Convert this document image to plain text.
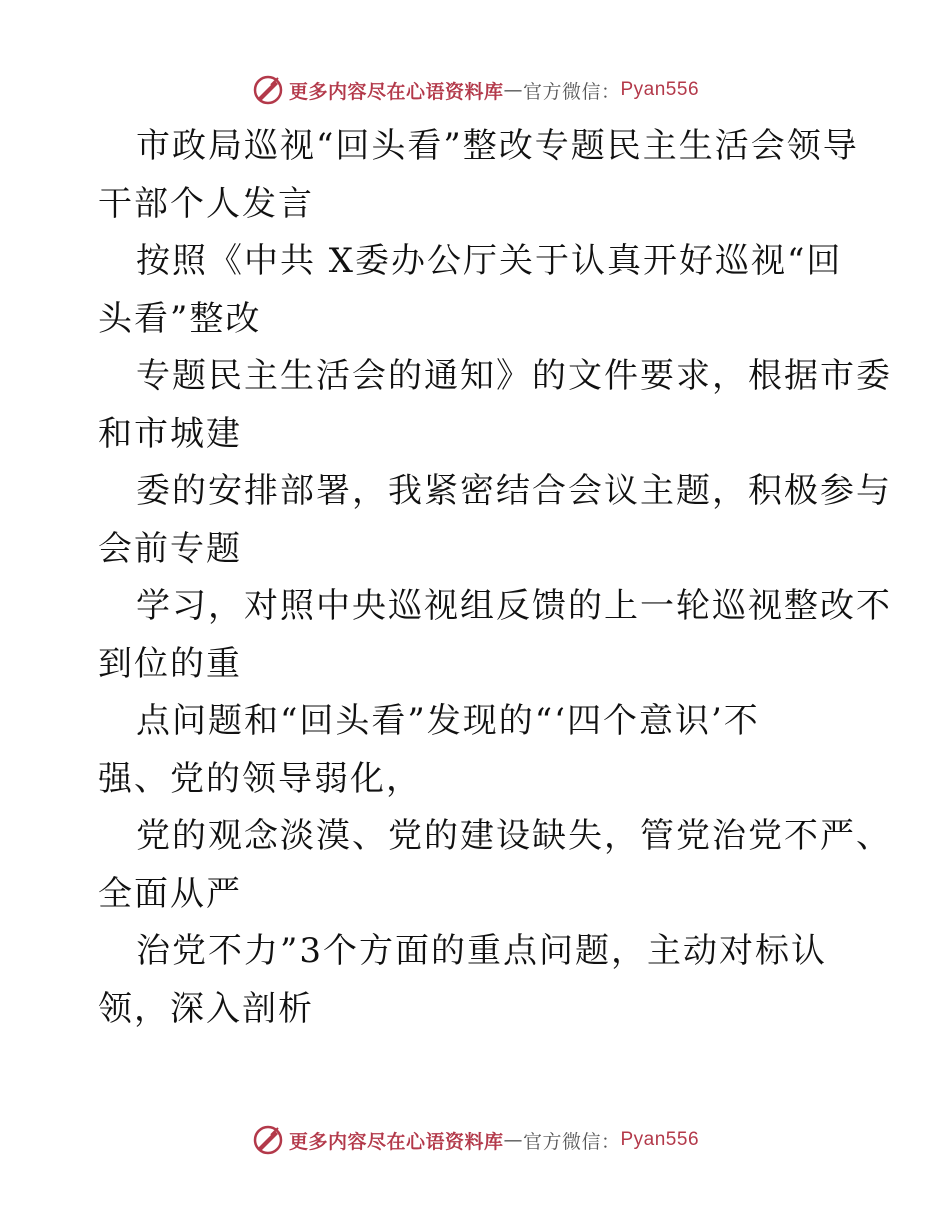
更多内容尽在心语资料库 — 官方微信： Pyan556
市政局巡视“回头看”整改专题民主生活会领导
干部个人发言
按照《中共 X委办公厅关于认真开好巡视“回
头看”整改
专题民主生活会的通知》的文件要求，根据市委
和市城建
委的安排部署，我紧密结合会议主题，积极参与
会前专题
学习，对照中央巡视组反馈的上一轮巡视整改不
到位的重
点问题和“回头看”发现的“‘四个意识’不
强、党的领导弱化，
党的观念淡漠、党的建设缺失，管党治党不严、
全面从严
治党不力”3个方面的重点问题，主动对标认
领，深入剖析
更多内容尽在心语资料库 — 官方微信： Pyan556
